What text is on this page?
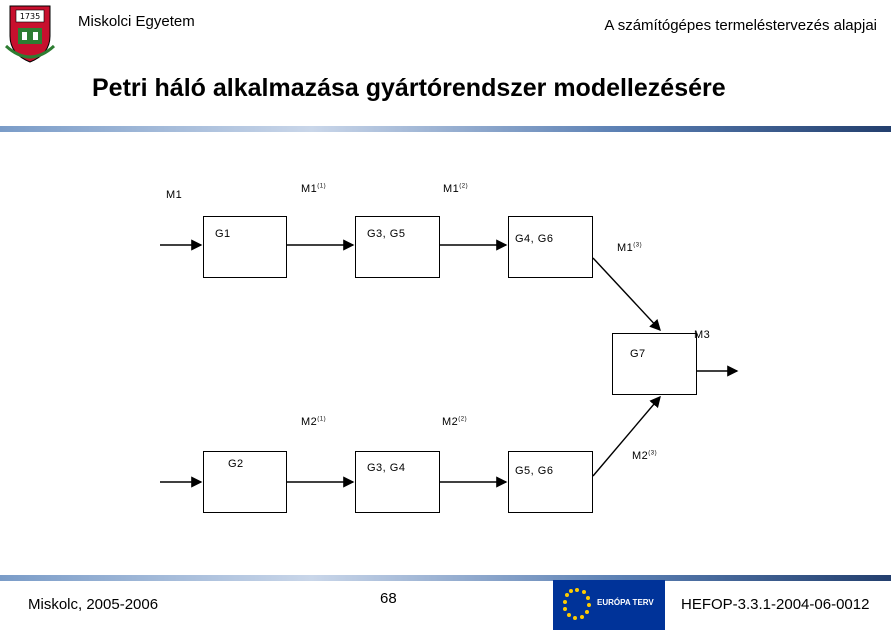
1735	Miskolci Egyetem	A számítógépes termeléstervezés alapjai
Petri háló alkalmazása gyártórendszer modellezésére
G1	G3, G5	G4, G6
G7
G2	G3, G4	G5, G6
M1	M1$^{(1)}$	M1$^{(2)}$
M1$^{(3)}$
M3
M2$^{(1)}$	M2$^{(2)}$
M2$^{(3)}$
Miskolc, 2005-2006	68	EURÓPA TERV HEFOP-3.3.1-2004-06-0012
